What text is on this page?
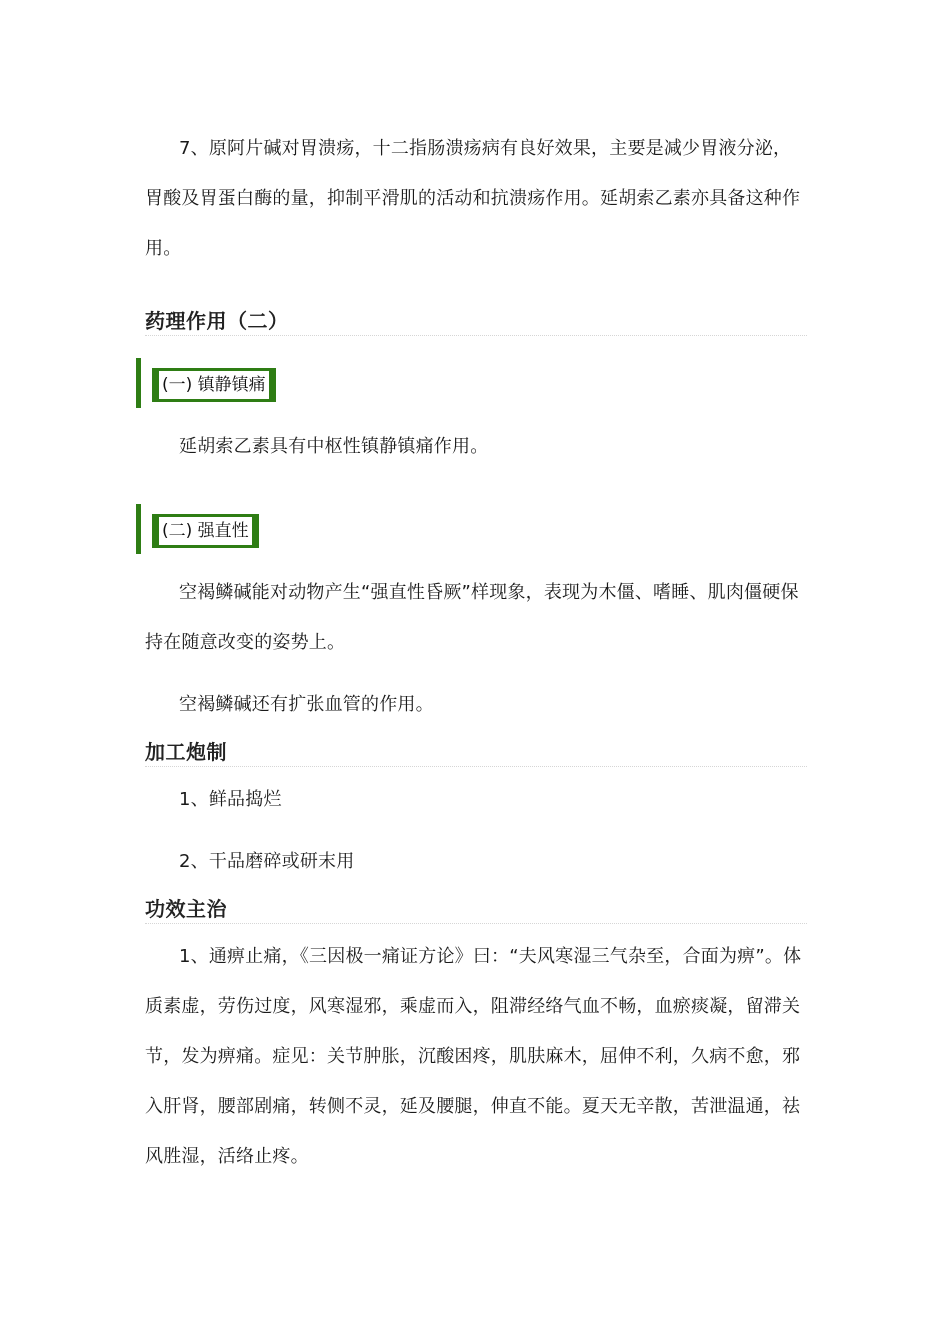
7、原阿片碱对胃溃疡，十二指肠溃疡病有良好效果，主要是减少胃液分泌，胃酸及胃蛋白酶的量，抑制平滑肌的活动和抗溃疡作用。延胡索乙素亦具备这种作用。

药理作用（二）
(一) 镇静镇痛

延胡索乙素具有中枢性镇静镇痛作用。

(二) 强直性

空褐鳞碱能对动物产生“强直性昏厥”样现象，表现为木僵、嗜睡、肌肉僵硬保持在随意改变的姿势上。

空褐鳞碱还有扩张血管的作用。

加工炮制

1、鲜品捣烂

2、干品磨碎或研末用

功效主治

1、通痹止痛，《三因极一痛证方论》曰：“夫风寒湿三气杂至，合面为痹”。体质素虚，劳伤过度，风寒湿邪，乘虚而入，阻滞经络气血不畅，血瘀痰凝，留滞关节，发为痹痛。症见：关节肿胀，沉酸困疼，肌肤麻木，屈伸不利，久病不愈，邪入肝肾，腰部剧痛，转侧不灵，延及腰腿，伸直不能。夏天无辛散，苦泄温通，祛风胜湿，活络止疼。
